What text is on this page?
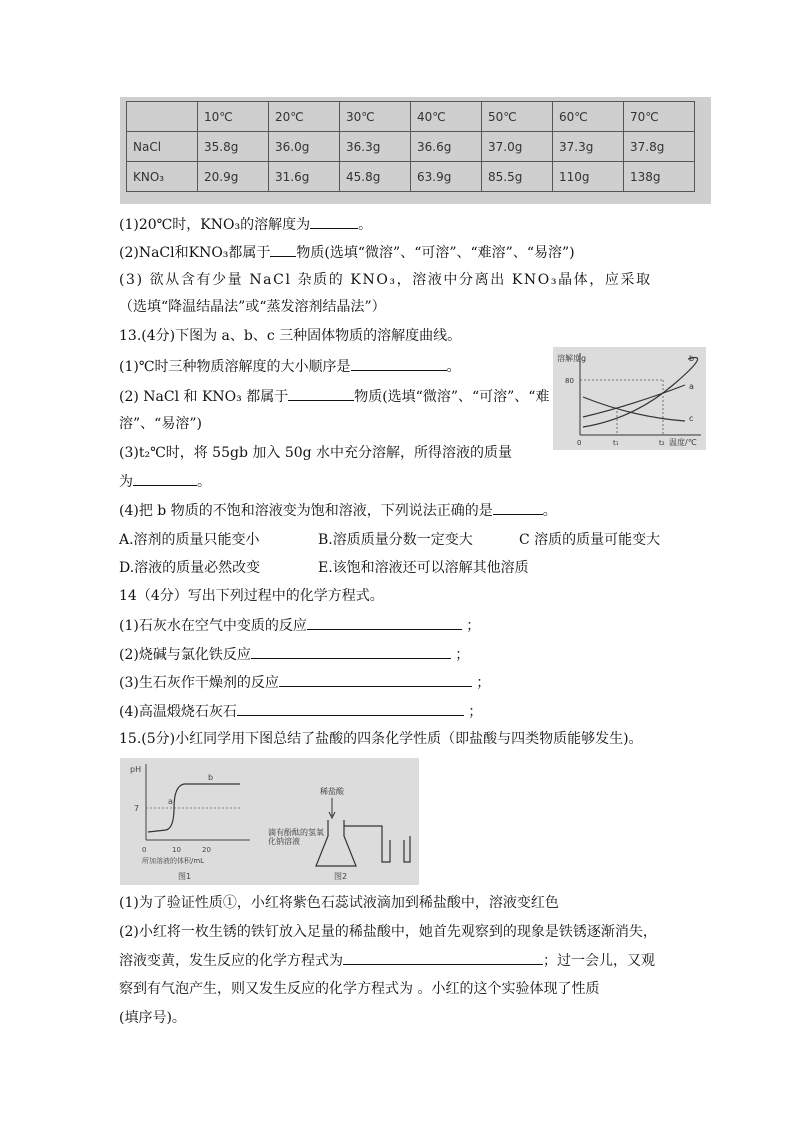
	10℃	20℃	30℃	40℃	50℃	60℃	70℃
NaCl	35.8g	36.0g	36.3g	36.6g	37.0g	37.3g	37.8g
KNO₃	20.9g	31.6g	45.8g	63.9g	85.5g	110g	138g
(1)20℃时，KNO₃的溶解度为	。
(2)NaCl和KNO₃都属于 物质(选填“微溶”、“可溶”、“难溶”、“易溶”)
(3) 欲从含有少量 NaCl 杂质的 KNO₃，溶液中分离出 KNO₃晶体，应采取
（选填“降温结晶法”或“蒸发溶剂结晶法”）
13.(4分)下图为 a、b、c 三种固体物质的溶解度曲线。
(1)℃时三种物质溶解度的大小顺序是	。
(2) NaCl 和 KNO₃ 都属于	物质(选填“微溶”、“可溶”、“难
溶”、“易溶”)
(3)t₂℃时，将 55gb 加入 50g 水中充分溶解，所得溶液的质量
为	。
(4)把 b 物质的不饱和溶液变为饱和溶液，下列说法正确的是	。
A.溶剂的质量只能变小	B.溶质质量分数一定变大	C 溶质的质量可能变大
D.溶液的质量必然改变	E.该饱和溶液还可以溶解其他溶质
溶解度g
80
0	t₁	t₂ 温度/℃
a
b
c
14（4分）写出下列过程中的化学方程式。
(1)石灰水在空气中变质的反应	；
(2)烧碱与氯化铁反应	；
(3)生石灰作干燥剂的反应	；
(4)高温煅烧石灰石	；
15.(5分)小红同学用下图总结了盐酸的四条化学性质（即盐酸与四类物质能够发生)。
pH
7
a
b
0	10	20
所加溶液的体积/mL
图1
稀盐酸
滴有酚酞的氢氧化钠溶液
图2
(1)为了验证性质①，小红将紫色石蕊试液滴加到稀盐酸中，溶液变红色
(2)小红将一枚生锈的铁钉放入足量的稀盐酸中，她首先观察到的现象是铁锈逐渐消失，
溶液变黄，发生反应的化学方程式为	；过一会儿，又观
察到有气泡产生，则又发生反应的化学方程式为 。小红的这个实验体现了性质
(填序号)。
